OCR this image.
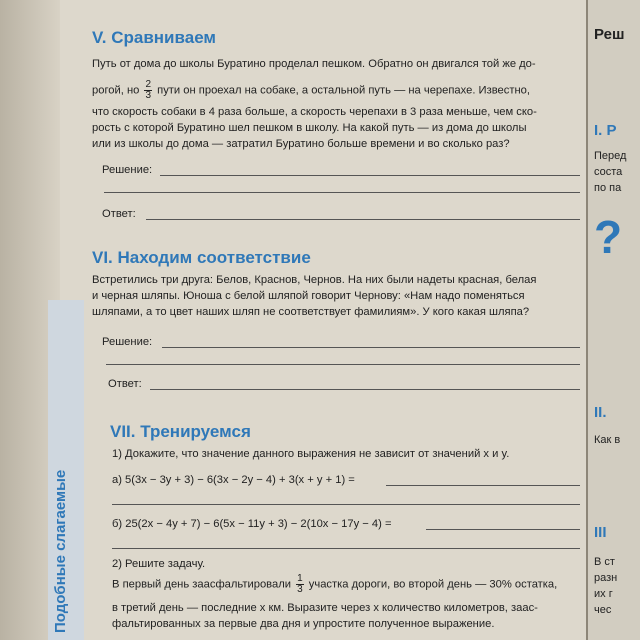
Подобные слагаемые
V. Сравниваем
Путь от дома до школы Буратино проделал пешком. Обратно он двигался той же до-
рогой, но $\frac{2}{3}$ пути он проехал на собаке, а остальной путь — на черепахе. Известно,
что скорость собаки в 4 раза больше, а скорость черепахи в 3 раза меньше, чем ско-
рость с которой Буратино шел пешком в школу. На какой путь — из дома до школы
или из школы до дома — затратил Буратино больше времени и во сколько раз?
Решение:
Ответ:
VI. Находим соответствие
Встретились три друга: Белов, Краснов, Чернов. На них были надеты красная, белая
и черная шляпы. Юноша с белой шляпой говорит Чернову: «Нам надо поменяться
шляпами, а то цвет наших шляп не соответствует фамилиям». У кого какая шляпа?
Решение:
Ответ:
VII. Тренируемся
1) Докажите, что значение данного выражения не зависит от значений x и y.
а) 5(3x − 3y + 3) − 6(3x − 2y − 4) + 3(x + y + 1) =
б) 25(2x − 4y + 7) − 6(5x − 11y + 3) − 2(10x − 17y − 4) =
2) Решите задачу.
В первый день заасфальтировали $\frac{1}{3}$ участка дороги, во второй день — 30% остатка,
в третий день — последние x км. Выразите через x количество километров, заас-
фальтированных за первые два дня и упростите полученное выражение.
Реш
I. Р
Перед
соста
по па
II.
Как в
III
В ст
разн
их г
чес
?
